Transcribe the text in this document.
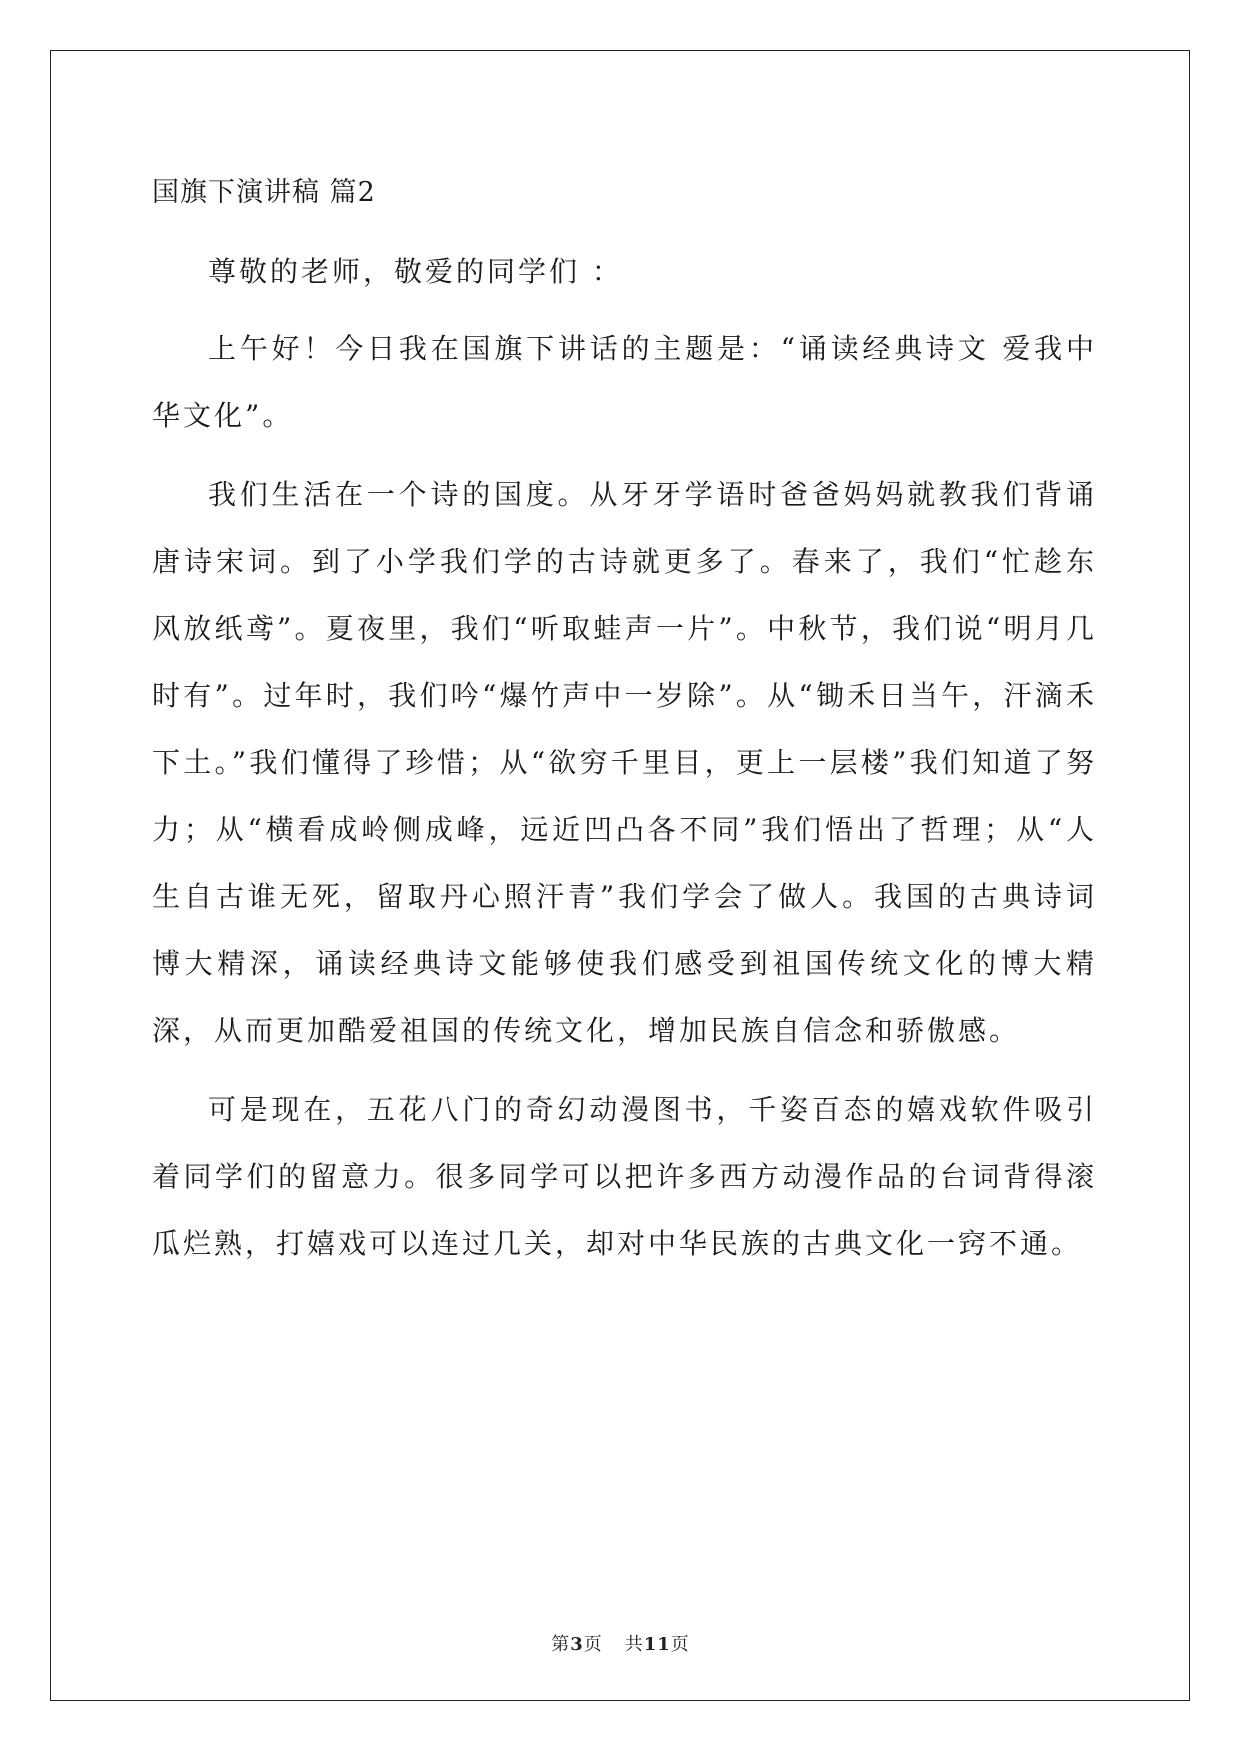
国旗下演讲稿 篇2

尊敬的老师，敬爱的同学们 ：

上午好！今日我在国旗下讲话的主题是：“诵读经典诗文 爱我中华文化”。

我们生活在一个诗的国度。从牙牙学语时爸爸妈妈就教我们背诵唐诗宋词。到了小学我们学的古诗就更多了。春来了，我们“忙趁东风放纸鸢”。夏夜里，我们“听取蛙声一片”。中秋节，我们说“明月几时有”。过年时，我们吟“爆竹声中一岁除”。从“锄禾日当午，汗滴禾下土。”我们懂得了珍惜；从“欲穷千里目，更上一层楼”我们知道了努力；从“横看成岭侧成峰，远近凹凸各不同”我们悟出了哲理；从“人生自古谁无死，留取丹心照汗青”我们学会了做人。我国的古典诗词博大精深，诵读经典诗文能够使我们感受到祖国传统文化的博大精深，从而更加酷爱祖国的传统文化，增加民族自信念和骄傲感。

可是现在，五花八门的奇幻动漫图书，千姿百态的嬉戏软件吸引着同学们的留意力。很多同学可以把许多西方动漫作品的台词背得滚瓜烂熟，打嬉戏可以连过几关，却对中华民族的古典文化一窍不通。

第3页 共11页
